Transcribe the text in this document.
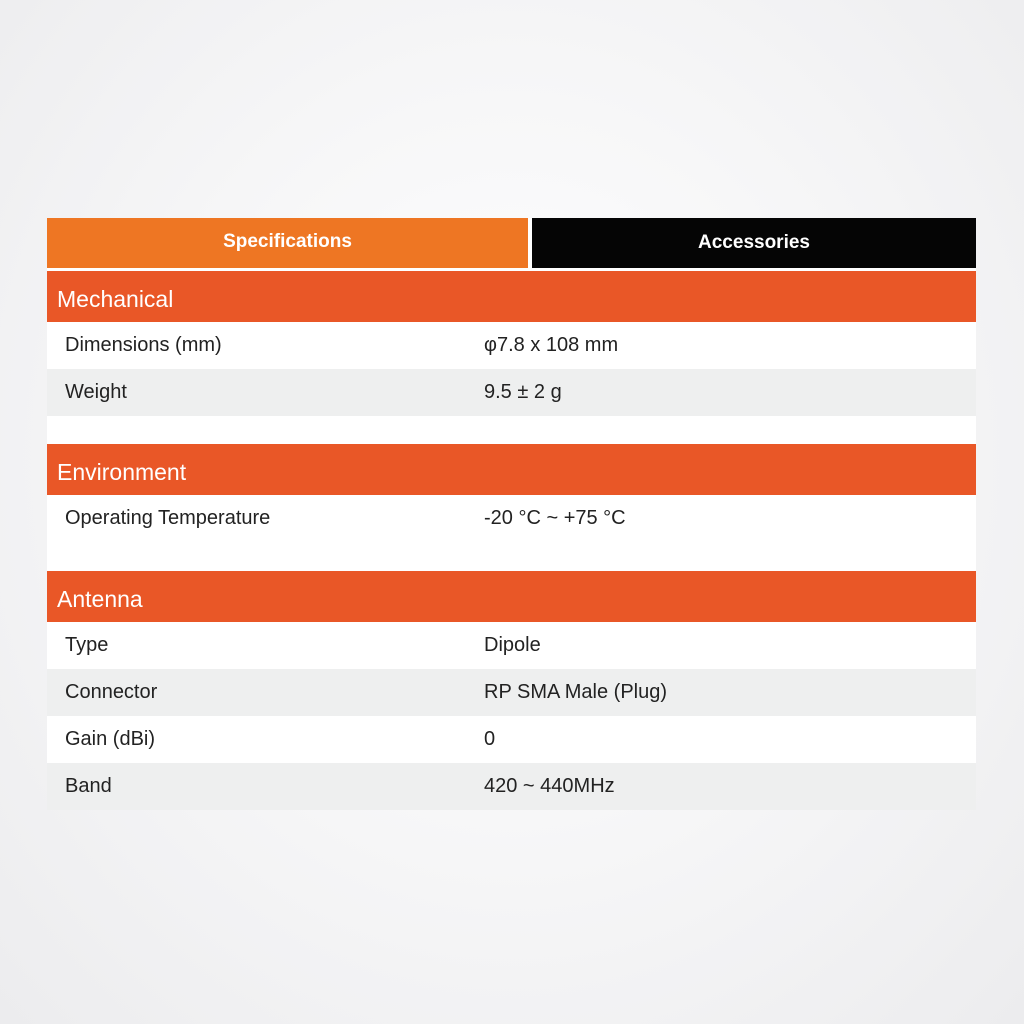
Specifications	Accessories
Mechanical
Dimensions (mm)	φ7.8 x 108 mm
Weight	9.5 ± 2 g
Environment
Operating Temperature	-20 °C ~ +75 °C
Antenna
Type	Dipole
Connector	RP SMA Male (Plug)
Gain (dBi)	0
Band	420 ~ 440MHz
